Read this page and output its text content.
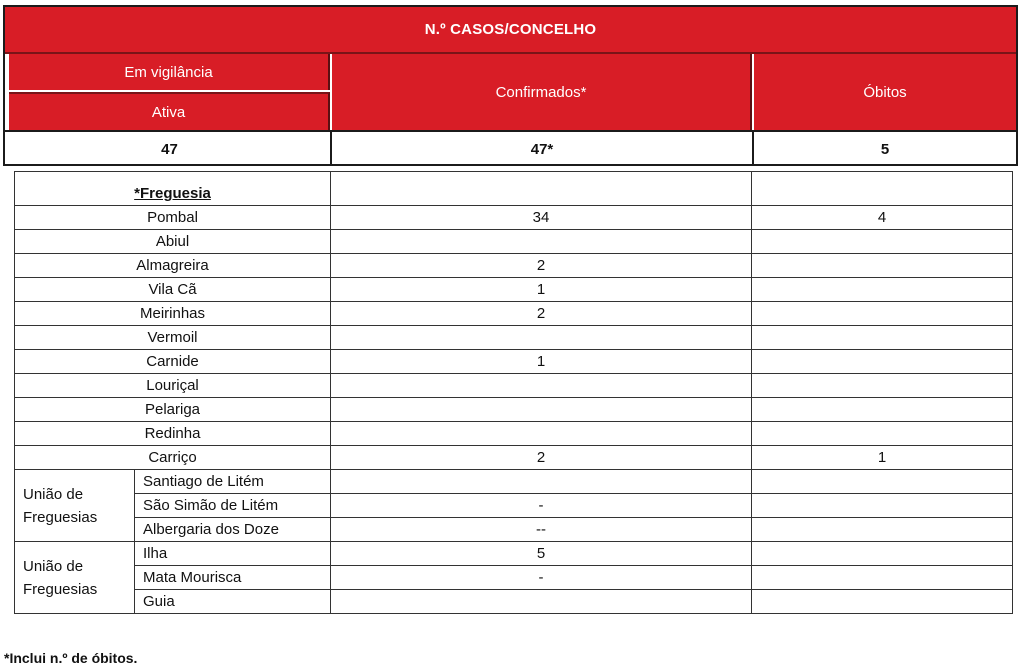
N.º CASOS/CONCELHO
Em vigilância
Ativa
Confirmados*	Óbitos
47	47*	5
*Freguesia			
Pombal		34	4
Abiul			
Almagreira		2	
Vila Cã		1	
Meirinhas		2	
Vermoil			
Carnide		1	
Louriçal			
Pelariga			
Redinha			
Carriço		2	1
União de
Freguesias	Santiago de Litém		
	São Simão de Litém	-	
	Albergaria dos Doze	--	
União de
Freguesias	Ilha	5	
	Mata Mourisca	-	
	Guia		
*Inclui n.º de óbitos.
